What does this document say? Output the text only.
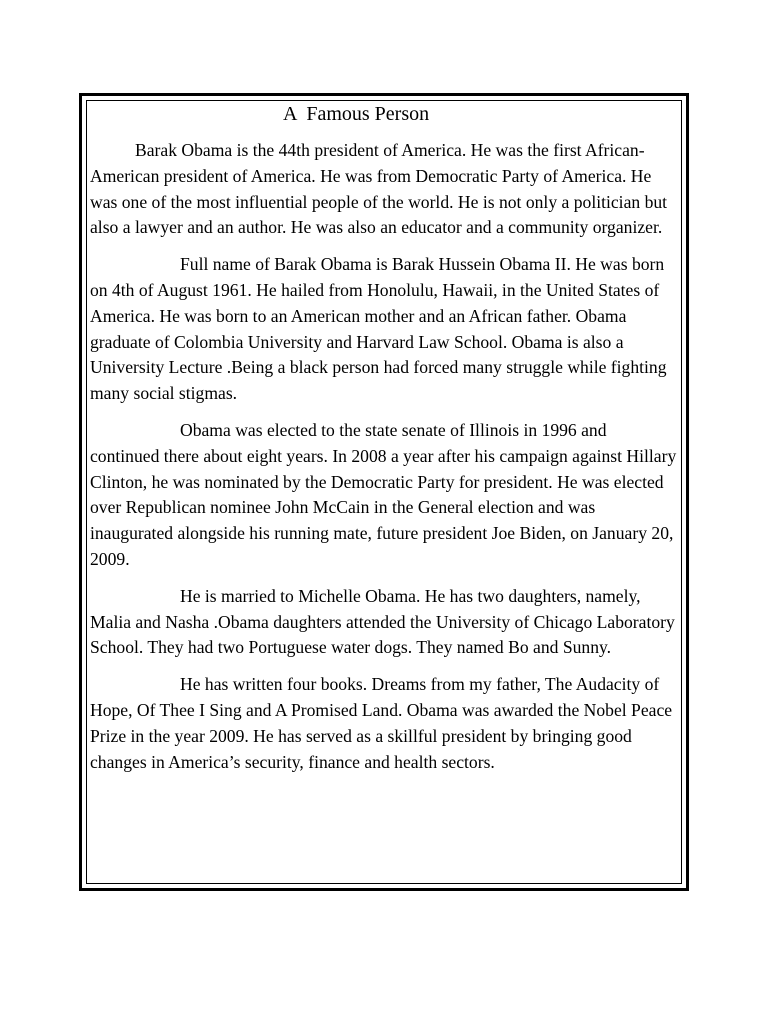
A  Famous Person

Barak Obama is the 44th president of America. He was the first African-American president of America. He was from Democratic Party of America. He was one of the most influential people of the world. He is not only a politician but also a lawyer and an author. He was also an educator and a community organizer.

Full name of Barak Obama is Barak Hussein Obama II. He was born on 4th of August 1961. He hailed from Honolulu, Hawaii, in the United States of America. He was born to an American mother and an African father. Obama graduate of Colombia University and Harvard Law School. Obama is also a University Lecture .Being a black person had forced many struggle while fighting many social stigmas.

Obama was elected to the state senate of Illinois in 1996 and continued there about eight years. In 2008 a year after his campaign against Hillary Clinton, he was nominated by the Democratic Party for president. He was elected over Republican nominee John McCain in the General election and was inaugurated alongside his running mate, future president Joe Biden, on January 20, 2009.

He is married to Michelle Obama. He has two daughters, namely, Malia and Nasha .Obama daughters attended the University of Chicago Laboratory School. They had two Portuguese water dogs. They named Bo and Sunny.

He has written four books. Dreams from my father, The Audacity of Hope, Of Thee I Sing and A Promised Land. Obama was awarded the Nobel Peace Prize in the year 2009. He has served as a skillful president by bringing good changes in America’s security, finance and health sectors.
